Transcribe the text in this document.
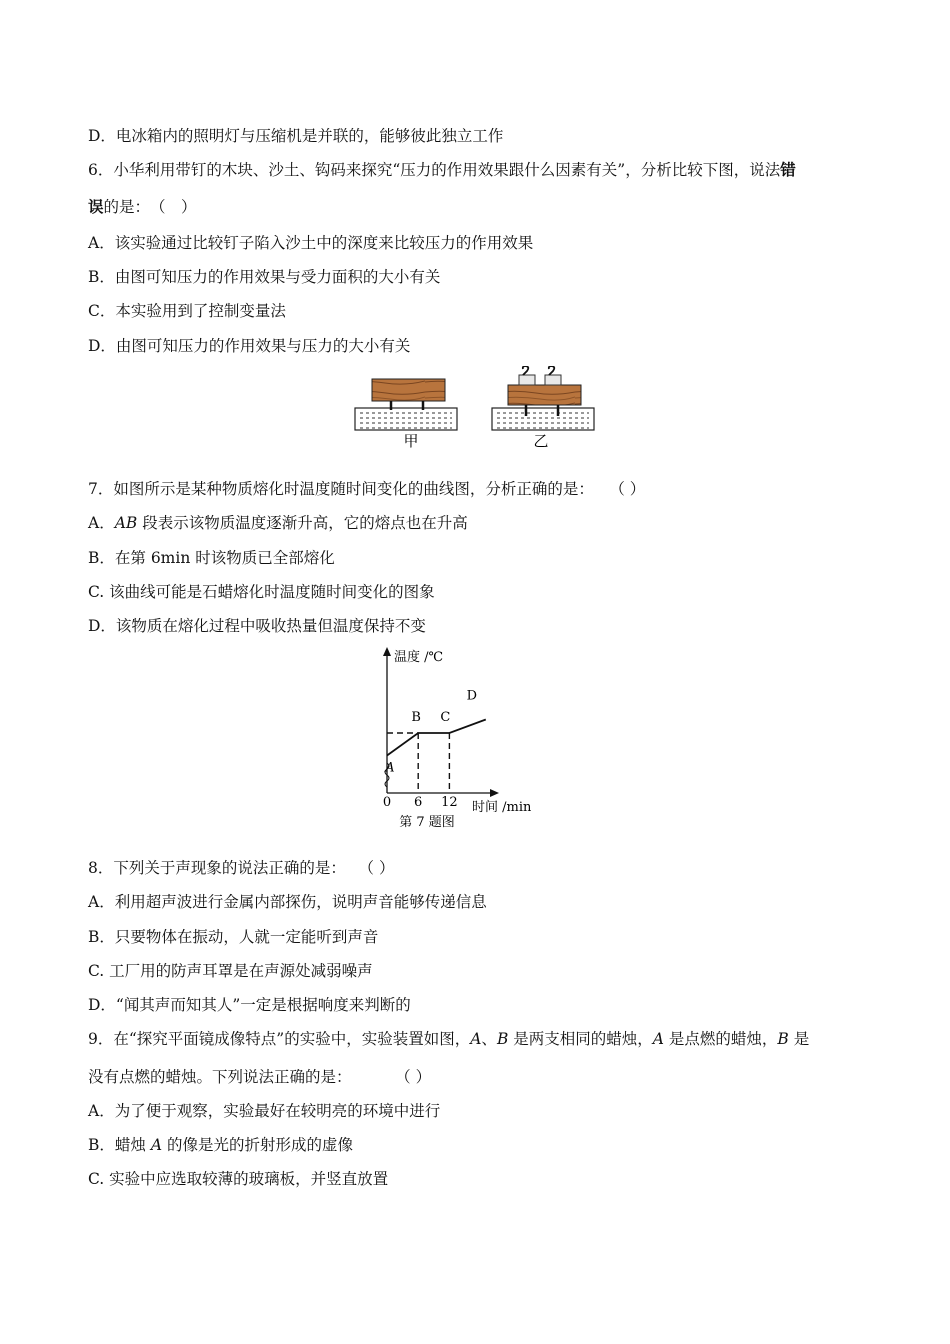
D．电冰箱内的照明灯与压缩机是并联的，能够彼此独立工作
6．小华利用带钉的木块、沙土、钩码来探究“压力的作用效果跟什么因素有关”，分析比较下图，说法错
误的是：　（　）
A．该实验通过比较钉子陷入沙土中的深度来比较压力的作用效果
B．由图可知压力的作用效果与受力面积的大小有关
C．本实验用到了控制变量法
D．由图可知压力的作用效果与压力的大小有关
甲	乙
7．如图所示是某种物质熔化时温度随时间变化的曲线图，分析正确的是：　　（ ）
A．AB 段表示该物质温度逐渐升高，它的熔点也在升高
B．在第 6min 时该物质已全部熔化
C. 该曲线可能是石蜡熔化时温度随时间变化的图象
D．该物质在熔化过程中吸收热量但温度保持不变
A
B C
D
0 6 12
温度 /℃
时间 /min
第 7 题图
8．下列关于声现象的说法正确的是：　 （ ）
A．利用超声波进行金属内部探伤，说明声音能够传递信息
B．只要物体在振动，人就一定能听到声音
C. 工厂用的防声耳罩是在声源处减弱噪声
D．“闻其声而知其人”一定是根据响度来判断的
9．在“探究平面镜成像特点”的实验中，实验装置如图，A、B 是两支相同的蜡烛，A 是点燃的蜡烛，B 是
没有点燃的蜡烛。下列说法正确的是：　　　 （ ）
A．为了便于观察，实验最好在较明亮的环境中进行
B．蜡烛 A 的像是光的折射形成的虚像
C. 实验中应选取较薄的玻璃板，并竖直放置
